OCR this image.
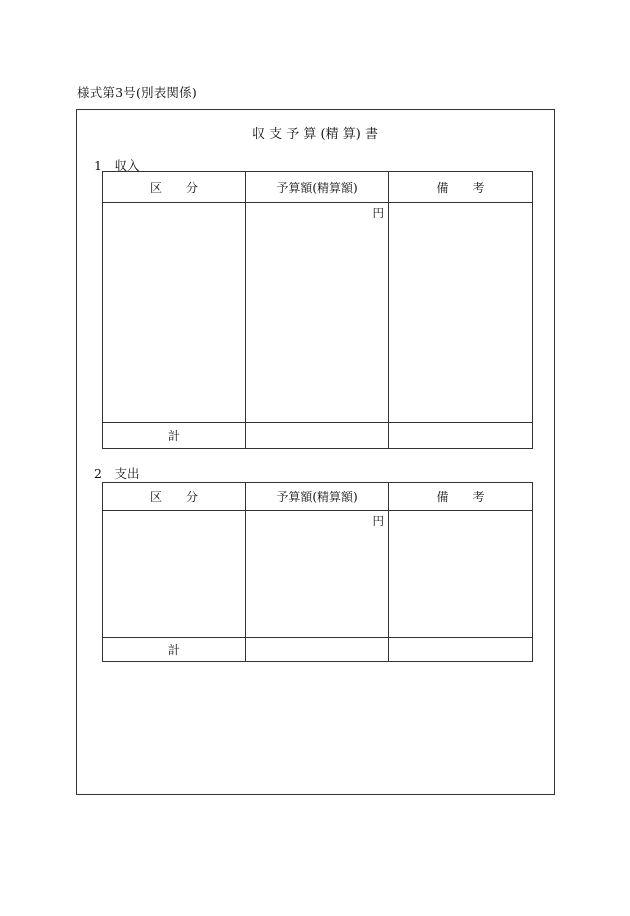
様式第3号(別表関係)
収 支 予 算 (精 算) 書
1　収入
区　　分	予算額(精算額)	備　　考

	円	

計		
2　支出
区　　分	予算額(精算額)	備　　考

	円	

計		
